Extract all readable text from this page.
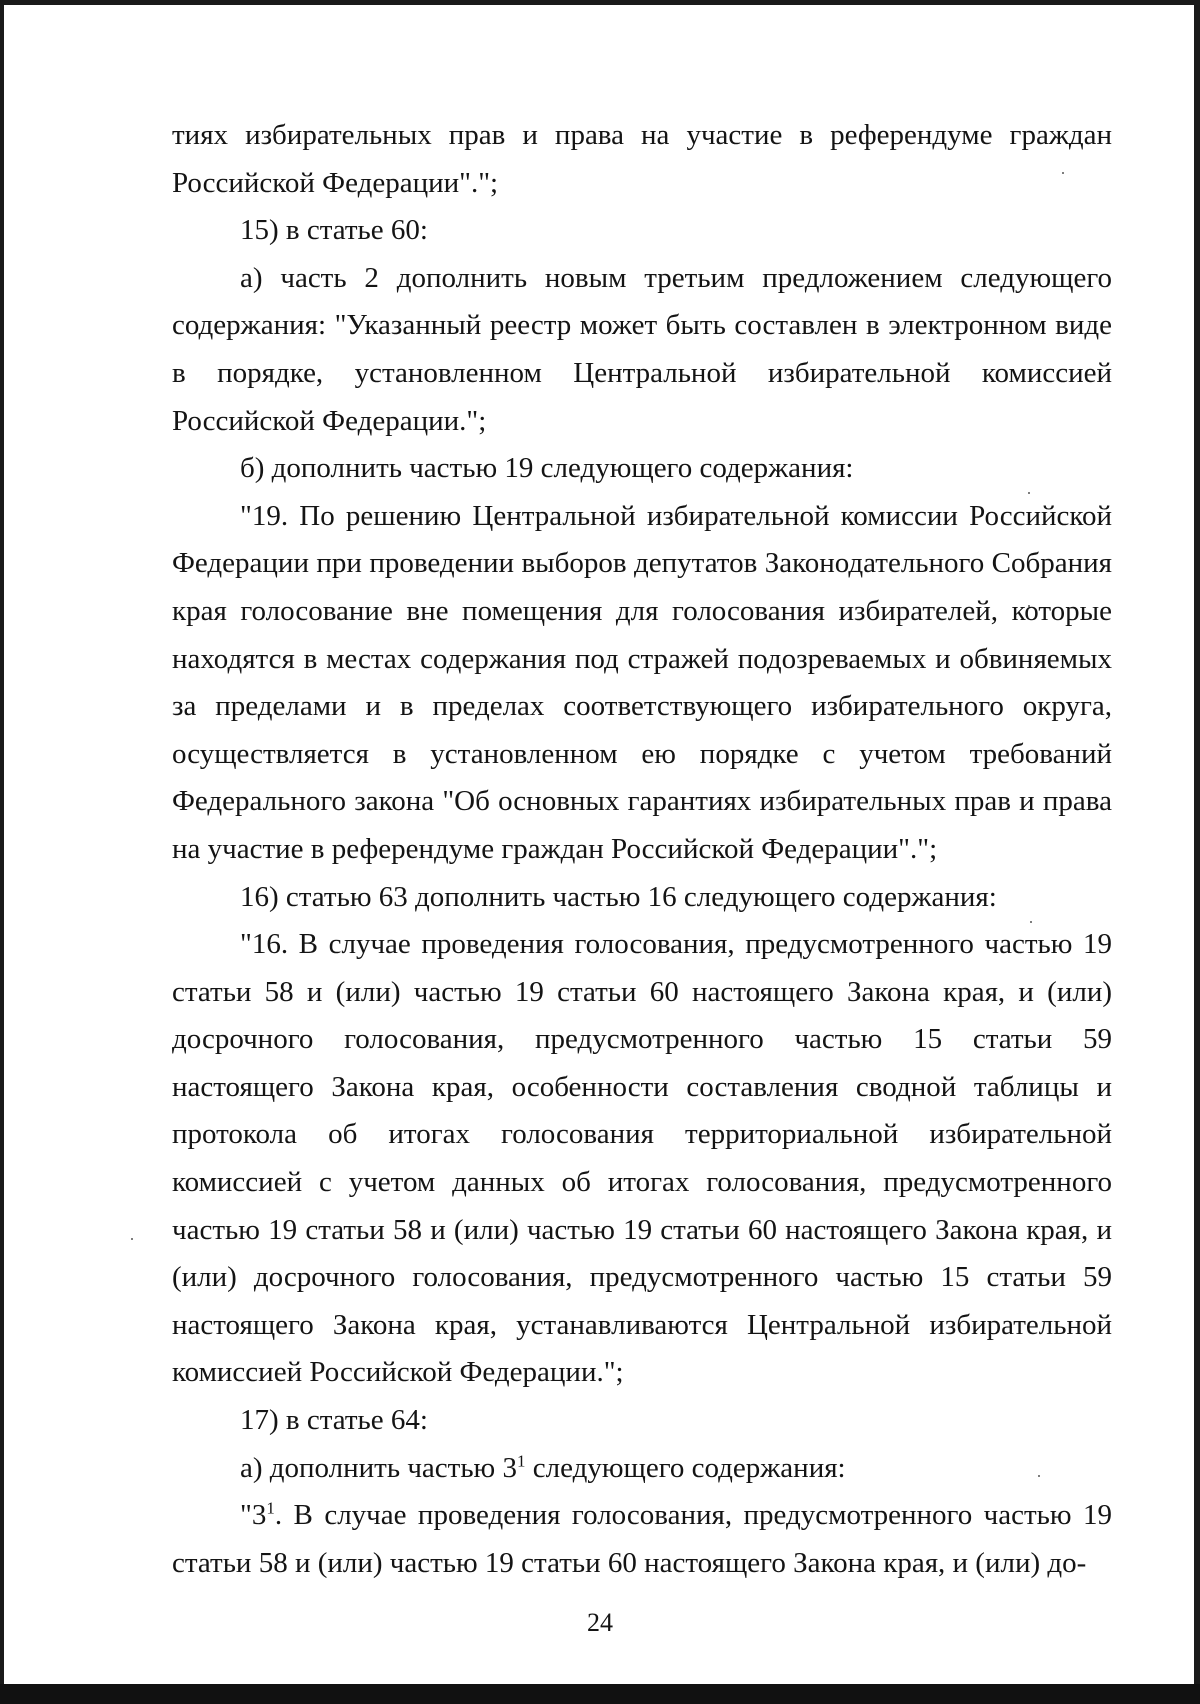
тиях избирательных прав и права на участие в референдуме граждан Российской Федерации".";

15) в статье 60:

а) часть 2 дополнить новым третьим предложением следующего содержания: "Указанный реестр может быть составлен в электронном виде в порядке, установленном Центральной избирательной комиссией Российской Федерации.";

б) дополнить частью 19 следующего содержания:

"19. По решению Центральной избирательной комиссии Российской Федерации при проведении выборов депутатов Законодательного Собрания края голосование вне помещения для голосования избирателей, которые находятся в местах содержания под стражей подозреваемых и обвиняемых за пределами и в пределах соответствующего избирательного округа, осуществляется в установленном ею порядке с учетом требований Федерального закона "Об основных гарантиях избирательных прав и права на участие в референдуме граждан Российской Федерации".";

16) статью 63 дополнить частью 16 следующего содержания:

"16. В случае проведения голосования, предусмотренного частью 19 статьи 58 и (или) частью 19 статьи 60 настоящего Закона края, и (или) досрочного голосования, предусмотренного частью 15 статьи 59 настоящего Закона края, особенности составления сводной таблицы и протокола об итогах голосования территориальной избирательной комиссией с учетом данных об итогах голосования, предусмотренного частью 19 статьи 58 и (или) частью 19 статьи 60 настоящего Закона края, и (или) досрочного голосования, предусмотренного частью 15 статьи 59 настоящего Закона края, устанавливаются Центральной избирательной комиссией Российской Федерации.";

17) в статье 64:

а) дополнить частью $3^1$ следующего содержания:

"$3^1$. В случае проведения голосования, предусмотренного частью 19 статьи 58 и (или) частью 19 статьи 60 настоящего Закона края, и (или) до-

24
